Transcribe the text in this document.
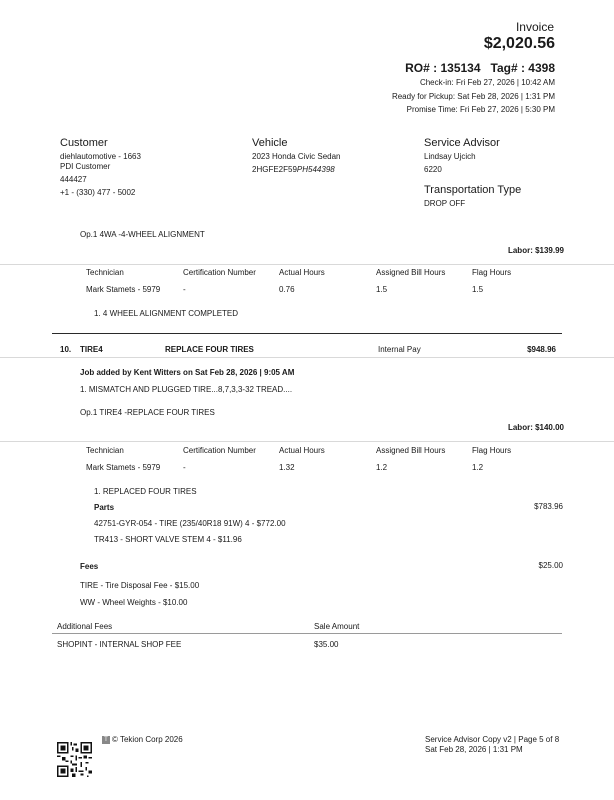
Invoice
$2,020.56
RO# : 135134   Tag# : 4398
Check-in: Fri Feb 27, 2026 | 10:42 AM
Ready for Pickup: Sat Feb 28, 2026 | 1:31 PM
Promise Time: Fri Feb 27, 2026 | 5:30 PM
Customer
diehlautomotive - 1663
PDI Customer
444427
+1 - (330) 477 - 5002
Vehicle
2023 Honda Civic Sedan
2HGFE2F59PH544398
Service Advisor
Lindsay Ujcich
6220
Transportation Type
DROP OFF
Op.1 4WA -4-WHEEL ALIGNMENT
Labor: $139.99
Technician	Certification Number	Actual Hours	Assigned Bill Hours	Flag Hours
Mark Stamets - 5979	-	0.76	1.5	1.5
1. 4 WHEEL ALIGNMENT COMPLETED
10. TIRE4	REPLACE FOUR TIRES	Internal Pay	$948.96
Job added by Kent Witters on Sat Feb 28, 2026 | 9:05 AM
1. MISMATCH AND PLUGGED TIRE...8,7,3,3-32 TREAD....
Op.1 TIRE4 -REPLACE FOUR TIRES
Labor: $140.00
Technician	Certification Number	Actual Hours	Assigned Bill Hours	Flag Hours
Mark Stamets - 5979	-	1.32	1.2	1.2
1. REPLACED FOUR TIRES
Parts	$783.96
42751-GYR-054 - TIRE (235/40R18 91W) 4 - $772.00
TR413 - SHORT VALVE STEM 4 - $11.96
Fees	$25.00
TIRE - Tire Disposal Fee - $15.00
WW - Wheel Weights - $10.00
Additional Fees	Sale Amount
SHOPINT - INTERNAL SHOP FEE	$35.00
T © Tekion Corp 2026	Service Advisor Copy v2 | Page 5 of 8
Sat Feb 28, 2026 | 1:31 PM
